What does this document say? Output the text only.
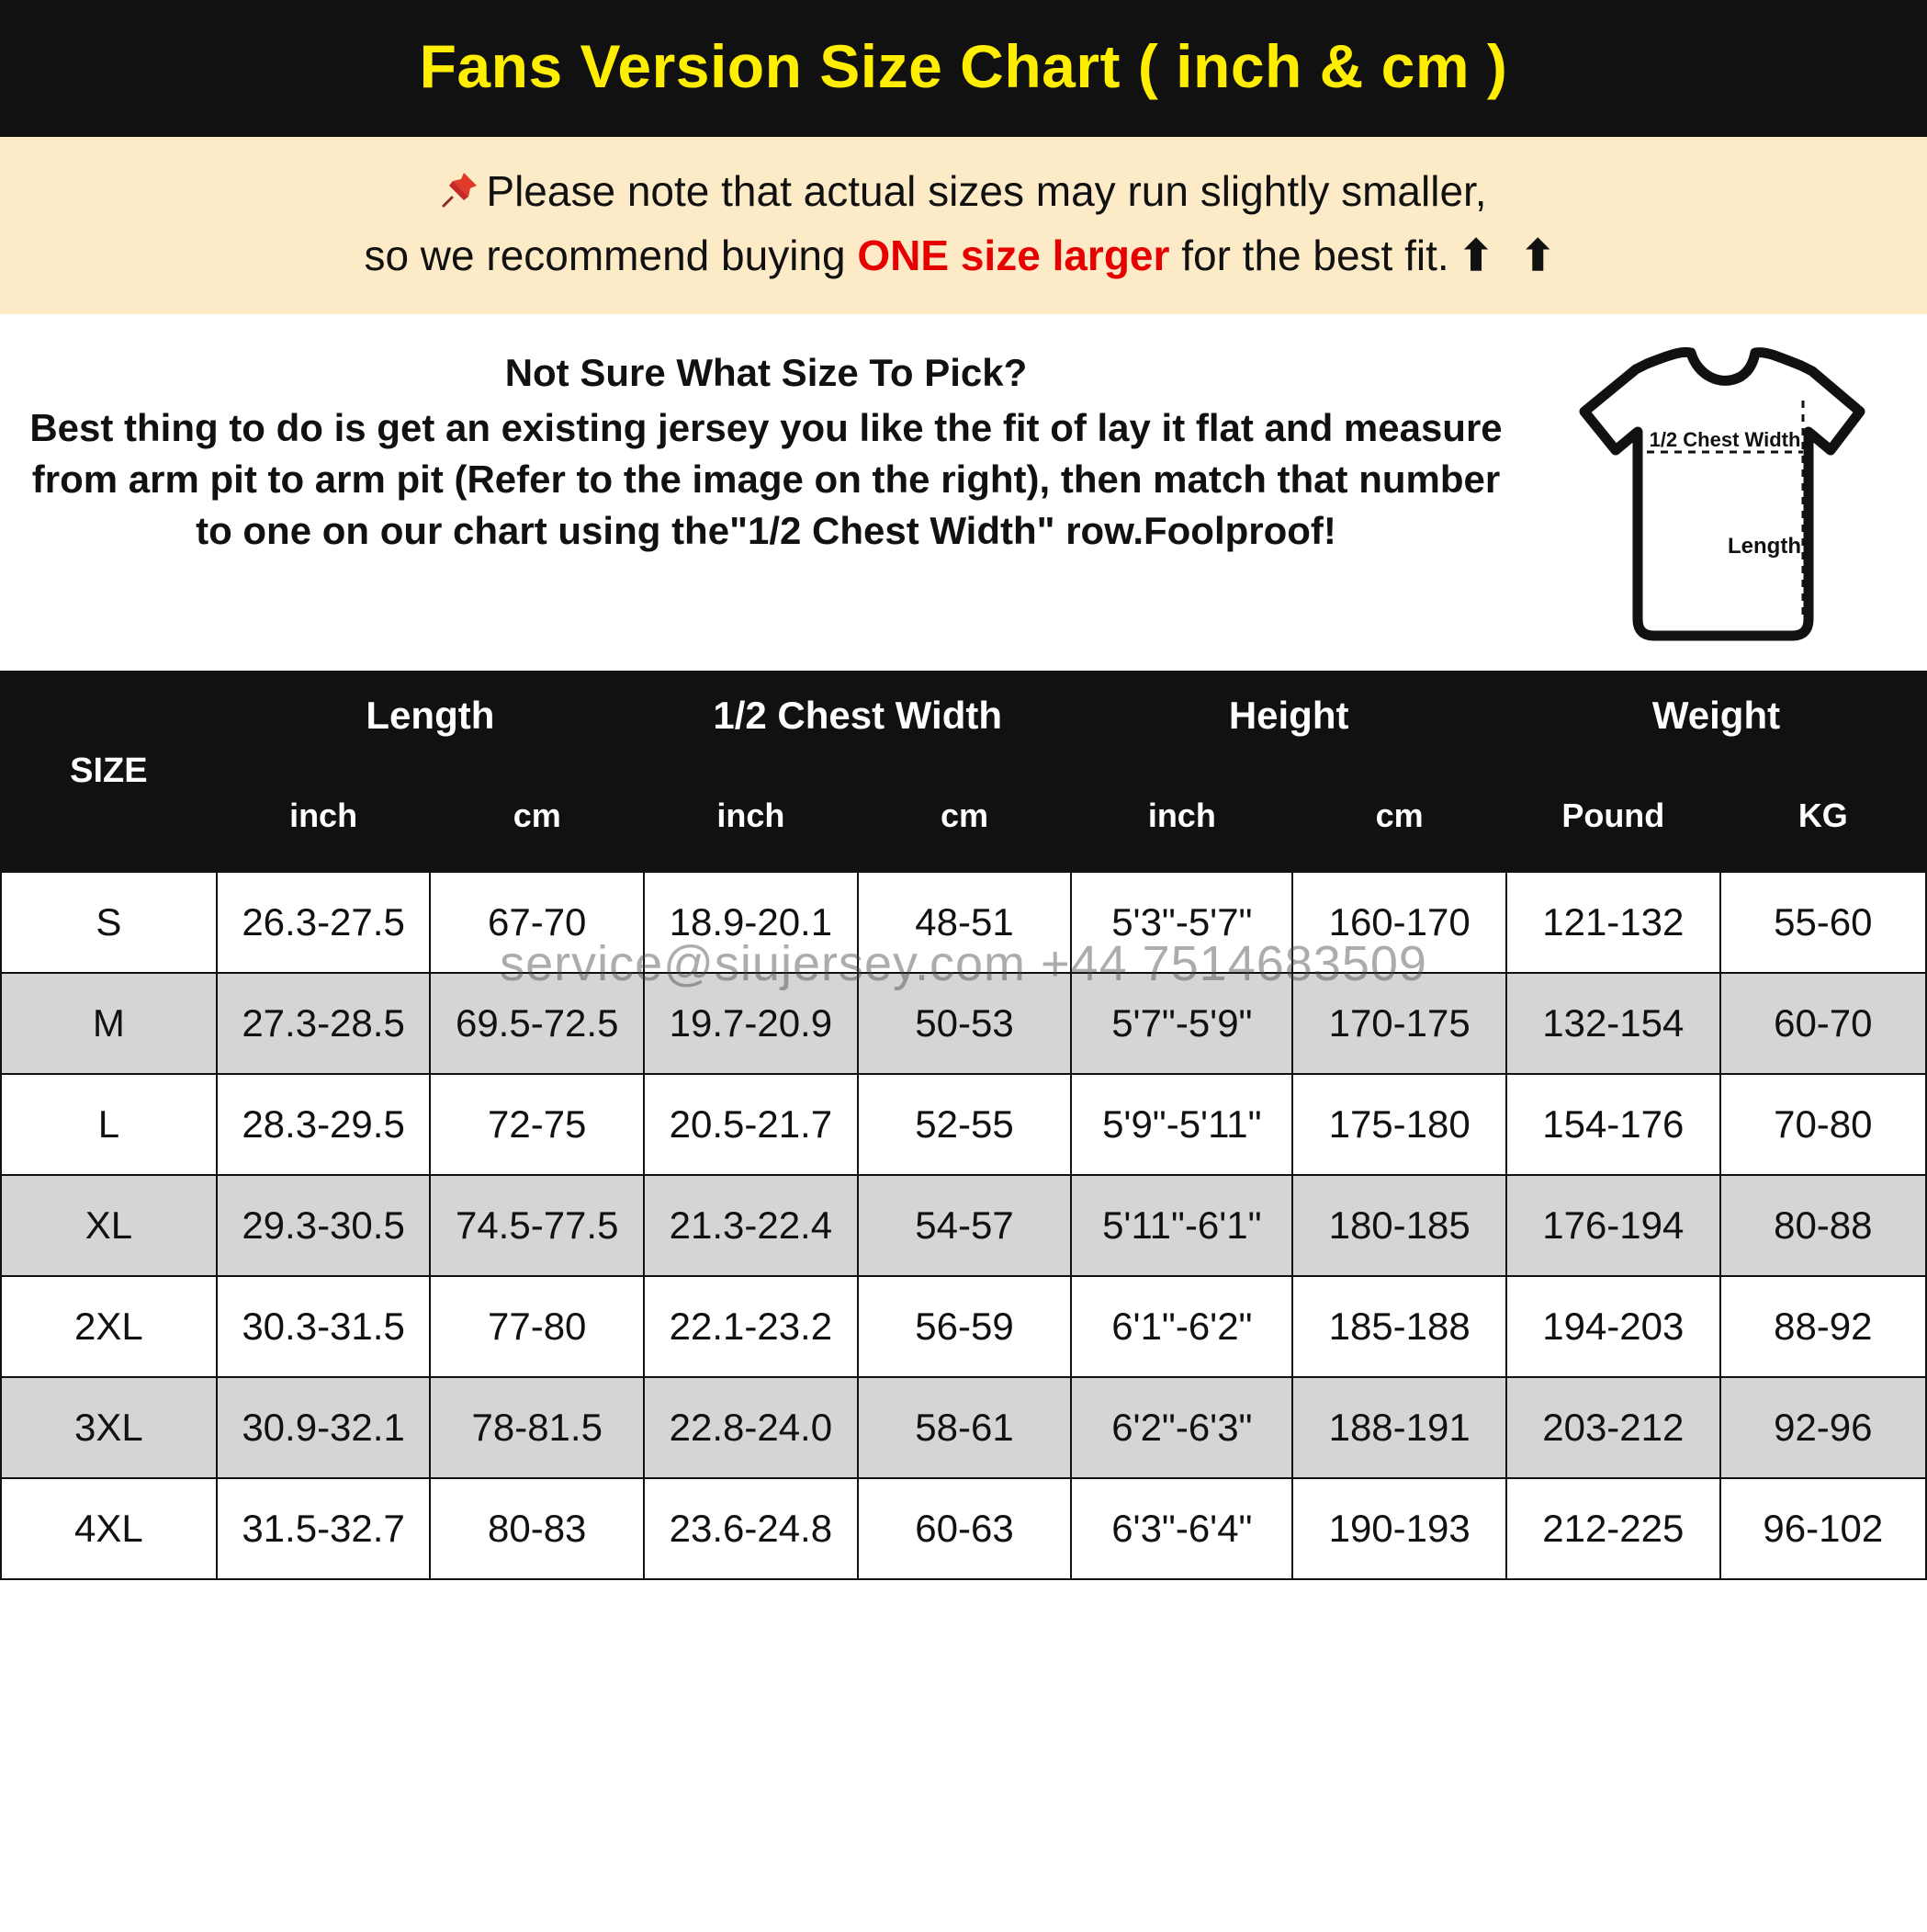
Fans Version Size Chart ( inch & cm )
Please note that actual sizes may run slightly smaller,
so we recommend buying ONE size larger for the best fit. ⬆ ⬆
Not Sure What Size To Pick?
Best thing to do is get an existing jersey you like the fit of lay it flat and measure from arm pit to arm pit (Refer to the image on the right), then match that number to one on our chart using the"1/2 Chest Width" row.Foolproof!
1/2 Chest Width
Length
SIZE	Length		1/2 Chest Width		Height		Weight	
	inch	cm	inch	cm	inch	cm	Pound	KG
S	26.3-27.5	67-70	18.9-20.1	48-51	5'3"-5'7"	160-170	121-132	55-60
M	27.3-28.5	69.5-72.5	19.7-20.9	50-53	5'7"-5'9"	170-175	132-154	60-70
L	28.3-29.5	72-75	20.5-21.7	52-55	5'9"-5'11"	175-180	154-176	70-80
XL	29.3-30.5	74.5-77.5	21.3-22.4	54-57	5'11"-6'1"	180-185	176-194	80-88
2XL	30.3-31.5	77-80	22.1-23.2	56-59	6'1"-6'2"	185-188	194-203	88-92
3XL	30.9-32.1	78-81.5	22.8-24.0	58-61	6'2"-6'3"	188-191	203-212	92-96
4XL	31.5-32.7	80-83	23.6-24.8	60-63	6'3"-6'4"	190-193	212-225	96-102
service@siujersey.com +44 7514683509
